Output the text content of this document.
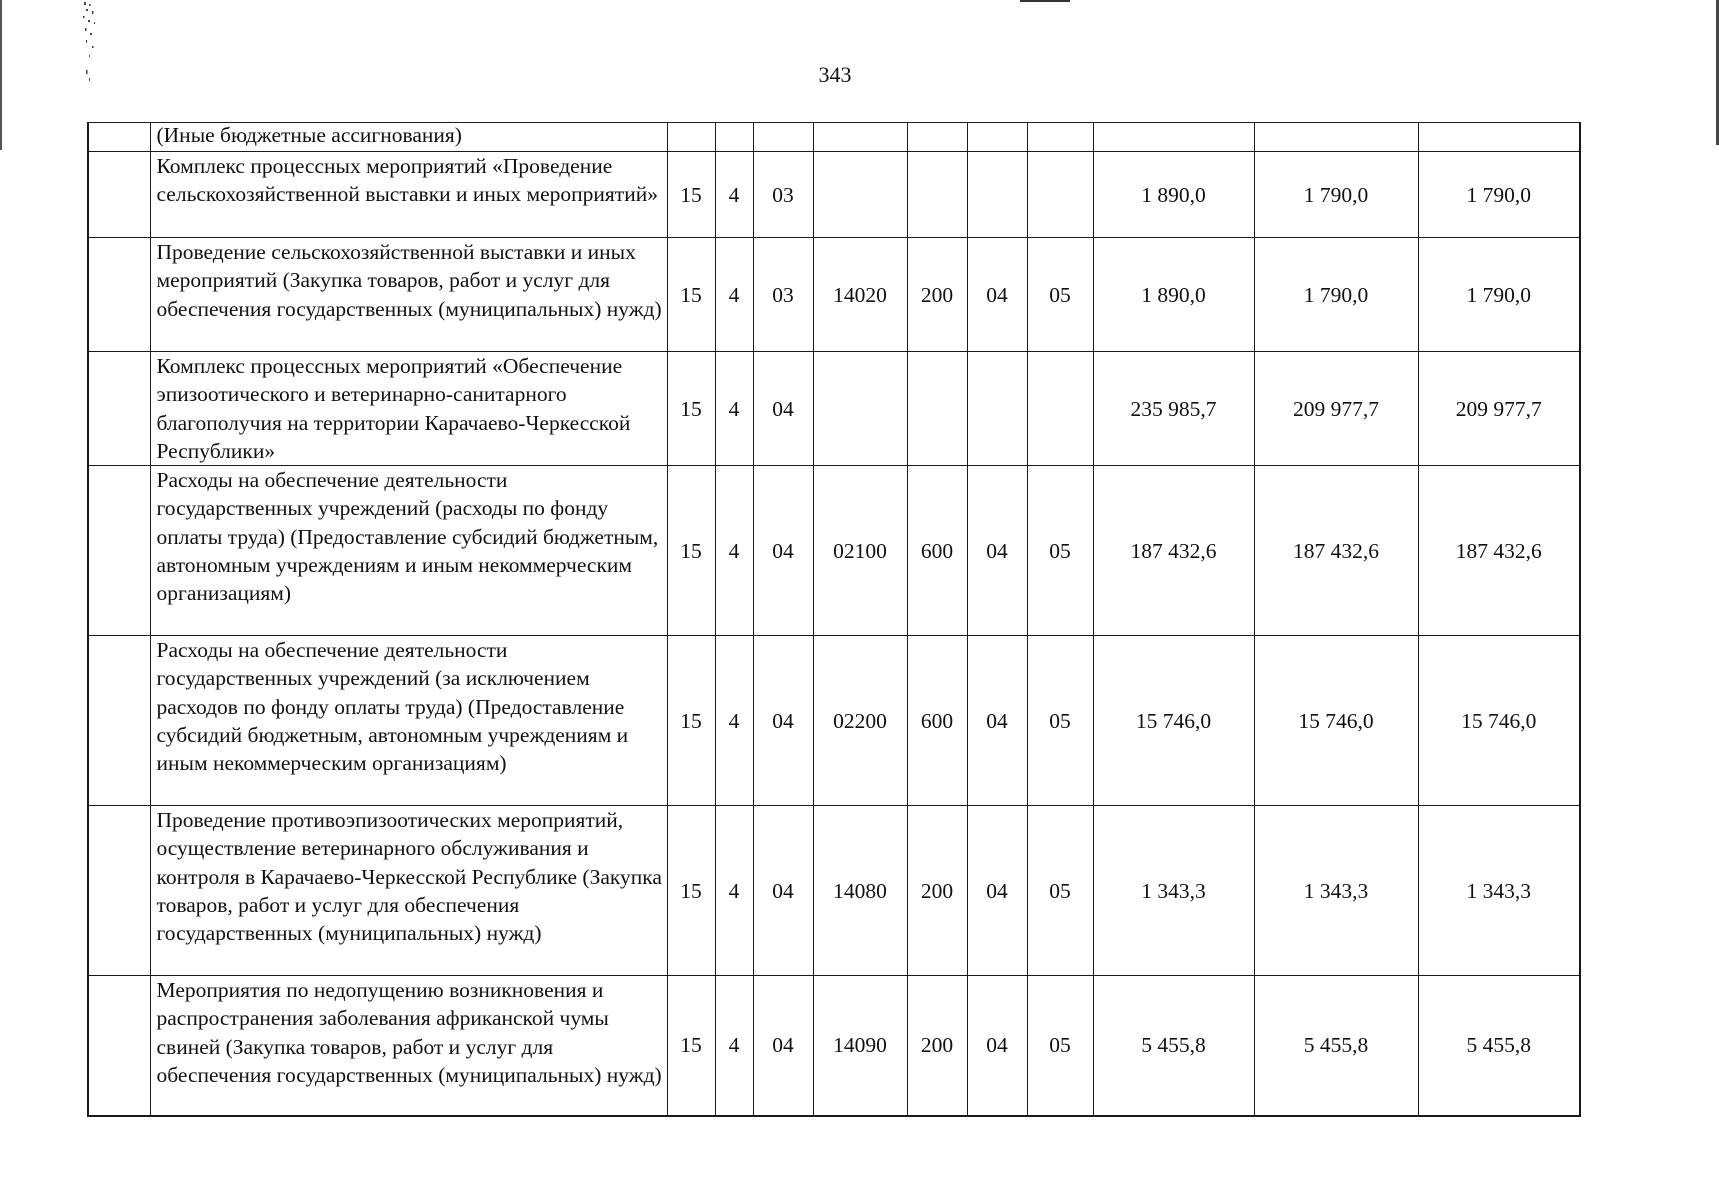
343
	(Иные бюджетные ассигнования)										
	Комплекс процессных мероприятий «Проведение сельскохозяйственной выставки и иных мероприятий»	15	4	03					1 890,0	1 790,0	1 790,0
	Проведение сельскохозяйственной выставки и иных мероприятий (Закупка товаров, работ и услуг для обеспечения государственных (муниципальных) нужд)	15	4	03	14020	200	04	05	1 890,0	1 790,0	1 790,0
	Комплекс процессных мероприятий «Обеспечение эпизоотического и ветеринарно-санитарного благополучия на территории Карачаево-Черкесской Республики»	15	4	04					235 985,7	209 977,7	209 977,7
	Расходы на обеспечение деятельности государственных учреждений (расходы по фонду оплаты труда) (Предоставление субсидий бюджетным, автономным учреждениям и иным некоммерческим организациям)	15	4	04	02100	600	04	05	187 432,6	187 432,6	187 432,6
	Расходы на обеспечение деятельности государственных учреждений (за исключением расходов по фонду оплаты труда) (Предоставление субсидий бюджетным, автономным учреждениям и иным некоммерческим организациям)	15	4	04	02200	600	04	05	15 746,0	15 746,0	15 746,0
	Проведение противоэпизоотических мероприятий, осуществление ветеринарного обслуживания и контроля в Карачаево-Черкесской Республике (Закупка товаров, работ и услуг для обеспечения государственных (муниципальных) нужд)	15	4	04	14080	200	04	05	1 343,3	1 343,3	1 343,3
	Мероприятия по недопущению возникновения и распространения заболевания африканской чумы свиней (Закупка товаров, работ и услуг для обеспечения государственных (муниципальных) нужд)	15	4	04	14090	200	04	05	5 455,8	5 455,8	5 455,8
